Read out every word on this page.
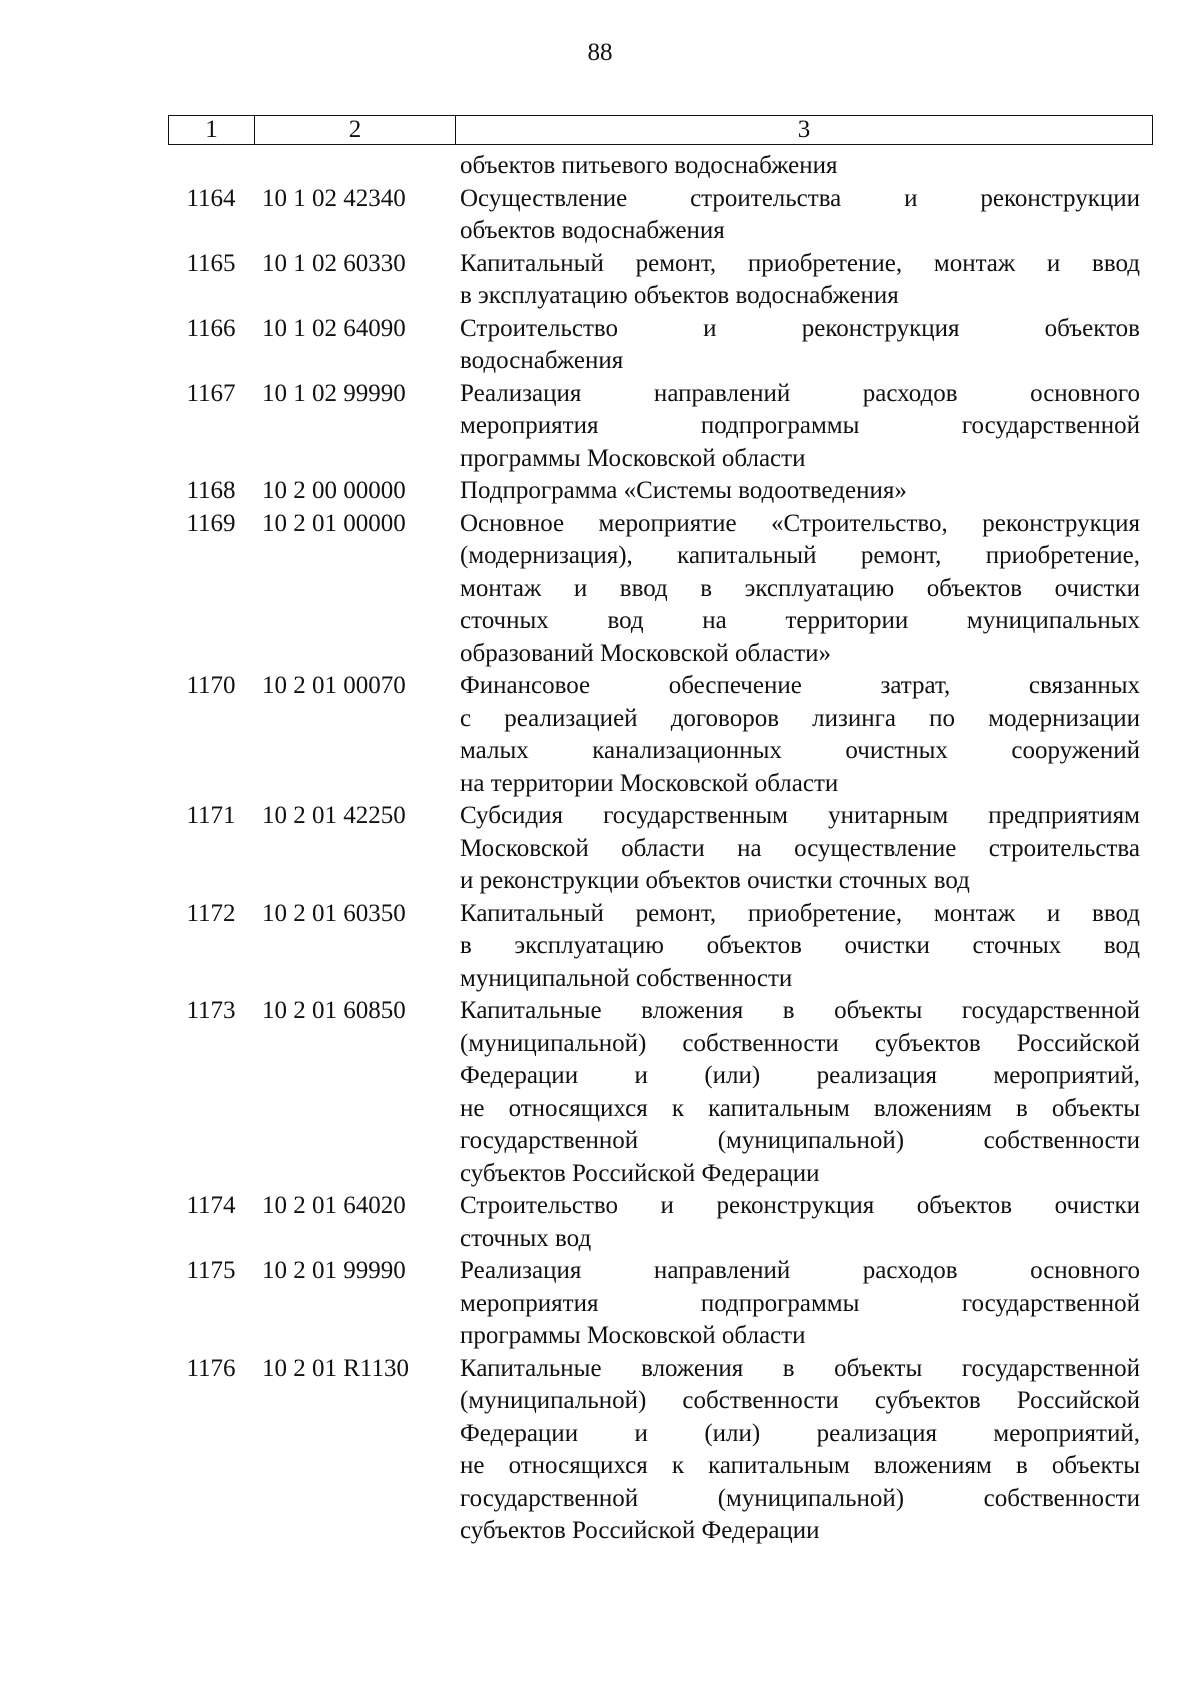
88
1	2	3
объектов питьевого водоснабжения
1164	10 1 02 42340	Осуществление строительства и реконструкции
объектов водоснабжения
1165	10 1 02 60330	Капитальный ремонт, приобретение, монтаж и ввод
в эксплуатацию объектов водоснабжения
1166	10 1 02 64090	Строительство и реконструкция объектов
водоснабжения
1167	10 1 02 99990	Реализация направлений расходов основного
мероприятия подпрограммы государственной
программы Московской области
1168	10 2 00 00000	Подпрограмма «Системы водоотведения»
1169	10 2 01 00000	Основное мероприятие «Строительство, реконструкция
(модернизация), капитальный ремонт, приобретение,
монтаж и ввод в эксплуатацию объектов очистки
сточных вод на территории муниципальных
образований Московской области»
1170	10 2 01 00070	Финансовое обеспечение затрат, связанных
с реализацией договоров лизинга по модернизации
малых канализационных очистных сооружений
на территории Московской области
1171	10 2 01 42250	Субсидия государственным унитарным предприятиям
Московской области на осуществление строительства
и реконструкции объектов очистки сточных вод
1172	10 2 01 60350	Капитальный ремонт, приобретение, монтаж и ввод
в эксплуатацию объектов очистки сточных вод
муниципальной собственности
1173	10 2 01 60850	Капитальные вложения в объекты государственной
(муниципальной) собственности субъектов Российской
Федерации и (или) реализация мероприятий,
не относящихся к капитальным вложениям в объекты
государственной (муниципальной) собственности
субъектов Российской Федерации
1174	10 2 01 64020	Строительство и реконструкция объектов очистки
сточных вод
1175	10 2 01 99990	Реализация направлений расходов основного
мероприятия подпрограммы государственной
программы Московской области
1176	10 2 01 R1130	Капитальные вложения в объекты государственной
(муниципальной) собственности субъектов Российской
Федерации и (или) реализация мероприятий,
не относящихся к капитальным вложениям в объекты
государственной (муниципальной) собственности
субъектов Российской Федерации
